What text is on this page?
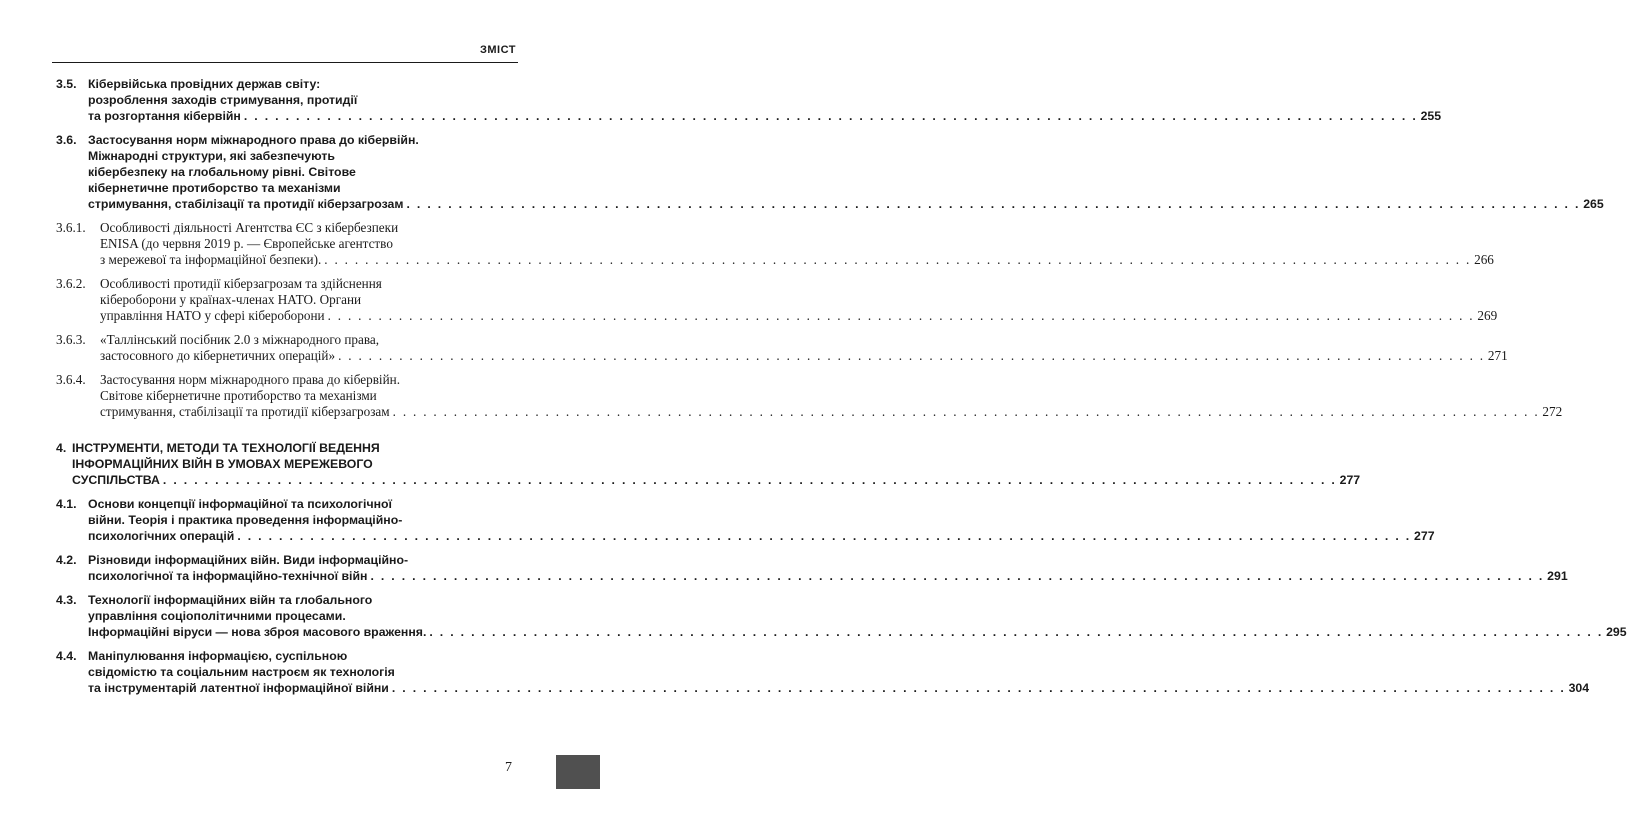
ЗМІСТ
3.5. Кібервійська провідних держав світу:
розроблення заходів стримування, протидії
та розгортання кібервійн . . .	255
3.6. Застосування норм міжнародного права до кібервійн.
Міжнародні структури, які забезпечують
кібербезпеку на глобальному рівні. Світове
кібернетичне протиборство та механізми
стримування, стабілізації та протидії кіберзагрозам . . .	265
3.6.1.	Особливості діяльності Агентства ЄС з кібербезпеки
ENISA (до червня 2019 р. — Європейське агентство
з мережевої та інформаційної безпеки). . . .	266
3.6.2.	Особливості протидії кіберзагрозам та здійснення
кібероборони у країнах-членах НАТО. Органи
управління НАТО у сфері кібероборони . . .	269
3.6.3.	«Таллінський посібник 2.0 з міжнародного права,
застосовного до кібернетичних операцій» . . .	271
3.6.4.	Застосування норм міжнародного права до кібервійн.
Світове кібернетичне протиборство та механізми
стримування, стабілізації та протидії кіберзагрозам . . .	272
4. ІНСТРУМЕНТИ, МЕТОДИ ТА ТЕХНОЛОГІЇ ВЕДЕННЯ
ІНФОРМАЦІЙНИХ ВІЙН В УМОВАХ МЕРЕЖЕВОГО
СУСПІЛЬСТВА . . .	277
4.1. Основи концепції інформаційної та психологічної
війни. Теорія і практика проведення інформаційно-
психологічних операцій . . .	277
4.2. Різновиди інформаційних війн. Види інформаційно-
психологічної та інформаційно-технічної війн . . .	291
4.3. Технології інформаційних війн та глобального
управління соціополітичними процесами.
Інформаційні віруси — нова зброя масового враження. . . .	295
4.4. Маніпулювання інформацією, суспільною
свідомістю та соціальним настроєм як технологія
та інструментарій латентної інформаційної війни . . .	304
7
